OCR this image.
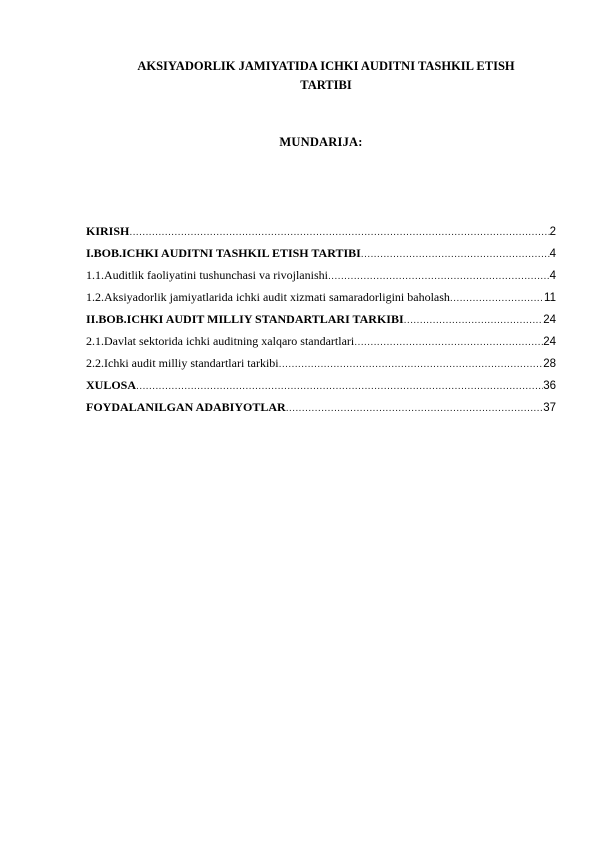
AKSIYADORLIK JAMIYATIDA ICHKI AUDITNI TASHKIL ETISH
TARTIBI
MUNDARIJA:
KIRISH .....	2
I.BOB.ICHKI AUDITNI TASHKIL ETISH TARTIBI .....	4
1.1.Auditlik faoliyatini tushunchasi va rivojlanishi .....	4
1.2.Aksiyadorlik jamiyatlarida ichki audit xizmati samaradorligini baholash .....	11
II.BOB.ICHKI AUDIT MILLIY STANDARTLARI TARKIBI .....	24
2.1.Davlat sektorida ichki auditning xalqaro standartlari .....	24
2.2.Ichki audit milliy standartlari tarkibi .....	28
XULOSA .....	36
FOYDALANILGAN ADABIYOTLAR .....	37
